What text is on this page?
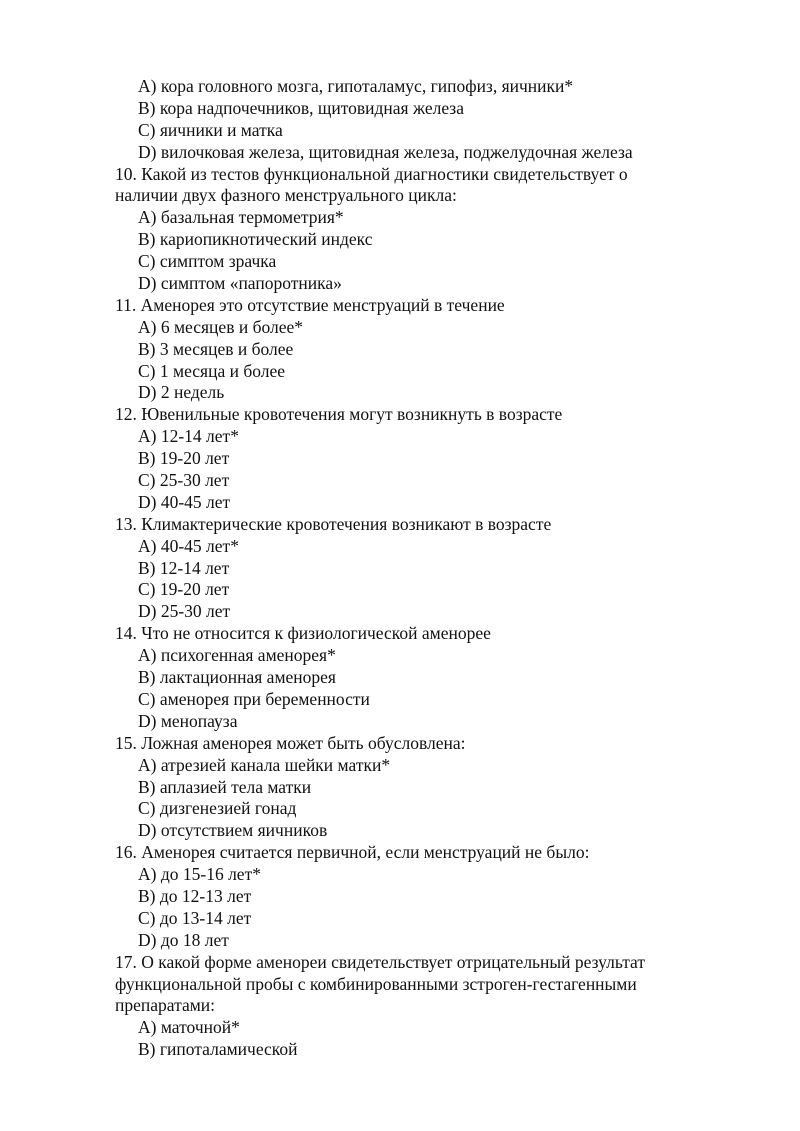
A) кора головного мозга, гипоталамус, гипофиз, яичники*
B) кора надпочечников, щитовидная железа
C) яичники и матка
D) вилочковая железа, щитовидная железа, поджелудочная железа
10. Какой из тестов функциональной диагностики свидетельствует о
наличии двух фазного менструального цикла:
A) базальная термометрия*
B) кариопикнотический индекс
C) симптом зрачка
D) симптом «папоротника»
11. Аменорея это отсутствие менструаций в течение
A) 6 месяцев и более*
B) 3 месяцев и более
C) 1 месяца и более
D) 2 недель
12. Ювенильные кровотечения могут возникнуть в возрасте
A) 12-14 лет*
B) 19-20 лет
C) 25-30 лет
D) 40-45 лет
13. Климактерические кровотечения возникают в возрасте
A) 40-45 лет*
B) 12-14 лет
C) 19-20 лет
D) 25-30 лет
14. Что не относится к физиологической аменорее
A) психогенная аменорея*
B) лактационная аменорея
C) аменорея при беременности
D) менопауза
15. Ложная аменорея может быть обусловлена:
A) атрезией канала шейки матки*
B) аплазией тела матки
C) дизгенезией гонад
D) отсутствием яичников
16. Аменорея считается первичной, если менструаций не было:
A) до 15-16 лет*
B) до 12-13 лет
C) до 13-14 лет
D) до 18 лет
17. О какой форме аменореи свидетельствует отрицательный результат
функциональной пробы с комбинированными зстроген-гестагенными
препаратами:
A) маточной*
B) гипоталамической
